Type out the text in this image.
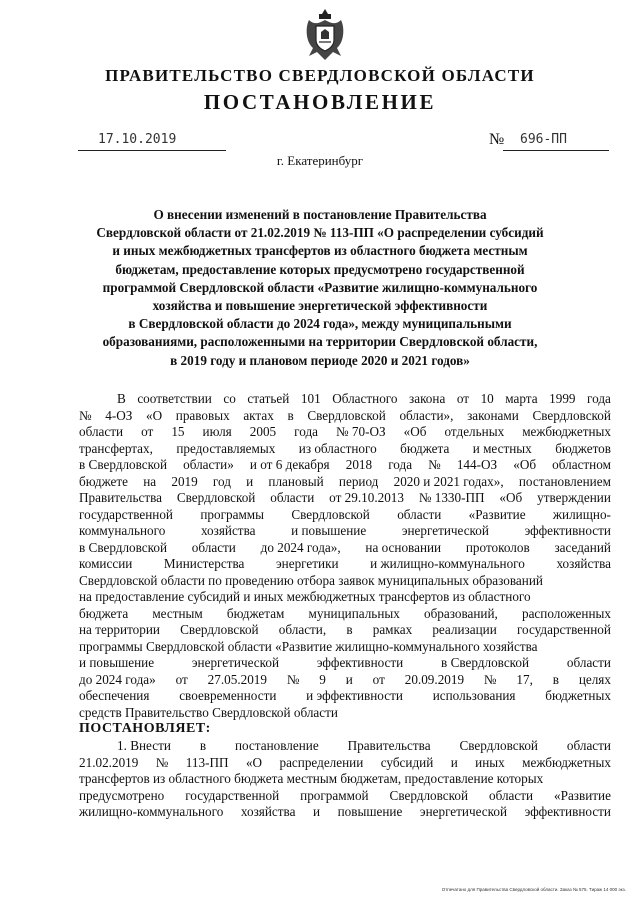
ПРАВИТЕЛЬСТВО СВЕРДЛОВСКОЙ ОБЛАСТИ
ПОСТАНОВЛЕНИЕ
17.10.2019	№ 696-ПП
г. Екатеринбург
О внесении изменений в постановление Правительства
Свердловской области от 21.02.2019 № 113-ПП «О распределении субсидий
и иных межбюджетных трансфертов из областного бюджета местным
бюджетам, предоставление которых предусмотрено государственной
программой Свердловской области «Развитие жилищно-коммунального
хозяйства и повышение энергетической эффективности
в Свердловской области до 2024 года», между муниципальными
образованиями, расположенными на территории Свердловской области,
в 2019 году и плановом периоде 2020 и 2021 годов»
В соответствии со статьей 101 Областного закона от 10 марта 1999 года
№ 4-ОЗ «О правовых актах в Свердловской области», законами Свердловской
области от 15 июля 2005 года № 70-ОЗ «Об отдельных межбюджетных
трансфертах, предоставляемых из областного бюджета и местных бюджетов
в Свердловской области» и от 6 декабря 2018 года № 144-ОЗ «Об областном
бюджете на 2019 год и плановый период 2020 и 2021 годах», постановлением
Правительства Свердловской области от 29.10.2013 № 1330-ПП «Об утверждении
государственной программы Свердловской области «Развитие жилищно-
коммунального	хозяйства	и повышение	энергетической	эффективности
в Свердловской области до 2024 года», на основании протоколов заседаний
комиссии Министерства энергетики и жилищно-коммунального хозяйства
Свердловской области по проведению отбора заявок муниципальных образований
на предоставление субсидий и иных межбюджетных трансфертов из областного
бюджета местным бюджетам муниципальных образований, расположенных
на территории Свердловской области, в рамках реализации государственной
программы Свердловской области «Развитие жилищно-коммунального хозяйства
и повышение	энергетической	эффективности	в Свердловской	области
до 2024 года» от 27.05.2019 № 9 и от 20.09.2019 № 17, в целях
обеспечения своевременности и эффективности использования бюджетных
средств Правительство Свердловской области
ПОСТАНОВЛЯЕТ:
1. Внести в постановление Правительства Свердловской области
21.02.2019 № 113-ПП «О распределении субсидий и иных межбюджетных
трансфертов из областного бюджета местным бюджетам, предоставление которых
предусмотрено государственной программой Свердловской области «Развитие
жилищно-коммунального хозяйства и повышение энергетической эффективности
Отпечатано для Правительства Свердловской области. Заказ № 575. Тираж 14 000 экз.
